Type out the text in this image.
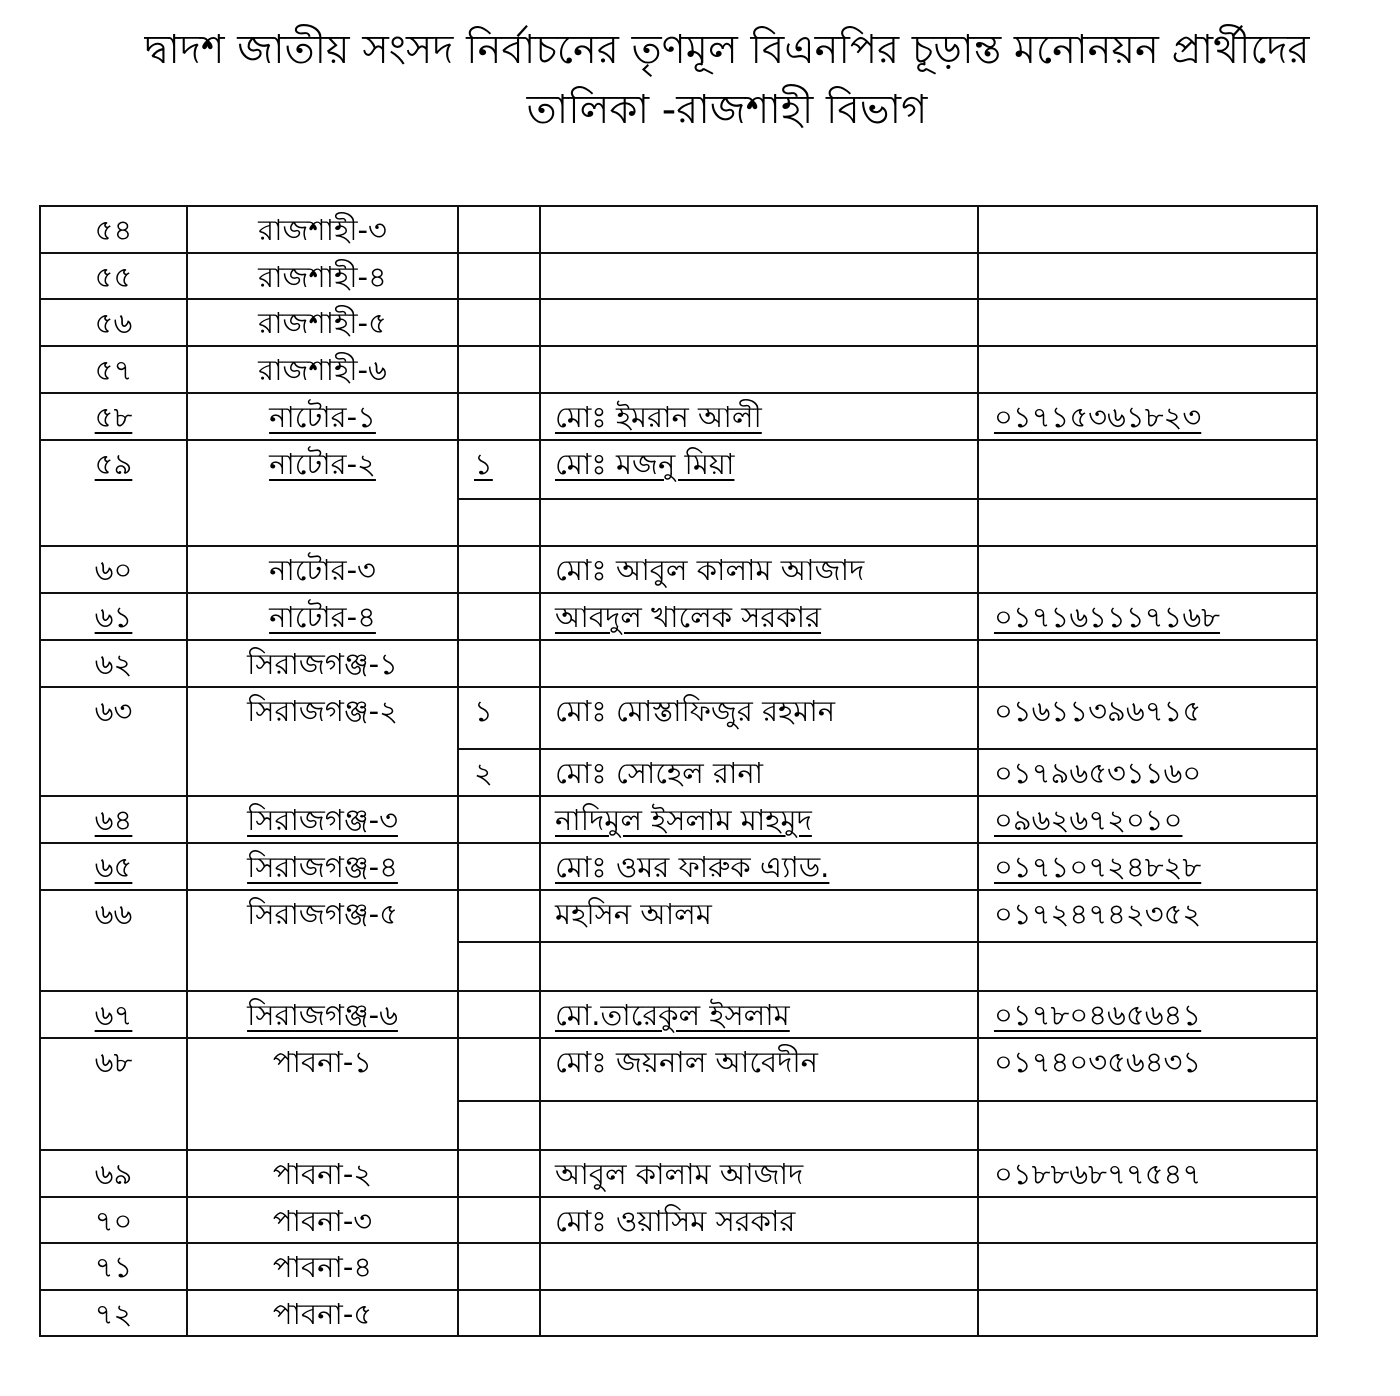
দ্বাদশ জাতীয় সংসদ নির্বাচনের তৃণমূল বিএনপির চূড়ান্ত মনোনয়ন প্রার্থীদের
তালিকা -রাজশাহী বিভাগ
৫৪	রাজশাহী-৩			
৫৫	রাজশাহী-৪			
৫৬	রাজশাহী-৫			
৫৭	রাজশাহী-৬			
৫৮	নাটোর-১		মোঃ ইমরান আলী	০১৭১৫৩৬১৮২৩
৫৯	নাটোর-২	১	মোঃ মজনু মিয়া	

৬০	নাটোর-৩		মোঃ আবুল কালাম আজাদ	
৬১	নাটোর-৪		আবদুল খালেক সরকার	০১৭১৬১১১৭১৬৮
৬২	সিরাজগঞ্জ-১			
৬৩	সিরাজগঞ্জ-২	১	মোঃ মোস্তাফিজুর রহমান	০১৬১১৩৯৬৭১৫
		২	মোঃ সোহেল রানা	০১৭৯৬৫৩১১৬০
৬৪	সিরাজগঞ্জ-৩		নাদিমুল ইসলাম মাহমুদ	০৯৬২৬৭২০১০
৬৫	সিরাজগঞ্জ-৪		মোঃ ওমর ফারুক এ্যাড.	০১৭১০৭২৪৮২৮
৬৬	সিরাজগঞ্জ-৫		মহসিন আলম	০১৭২৪৭৪২৩৫২

৬৭	সিরাজগঞ্জ-৬		মো.তারেকুল ইসলাম	০১৭৮০৪৬৫৬৪১
৬৮	পাবনা-১		মোঃ জয়নাল আবেদীন	০১৭৪০৩৫৬৪৩১

৬৯	পাবনা-২		আবুল কালাম আজাদ	০১৮৮৬৮৭৭৫৪৭
৭০	পাবনা-৩		মোঃ ওয়াসিম সরকার	
৭১	পাবনা-৪			
৭২	পাবনা-৫			
